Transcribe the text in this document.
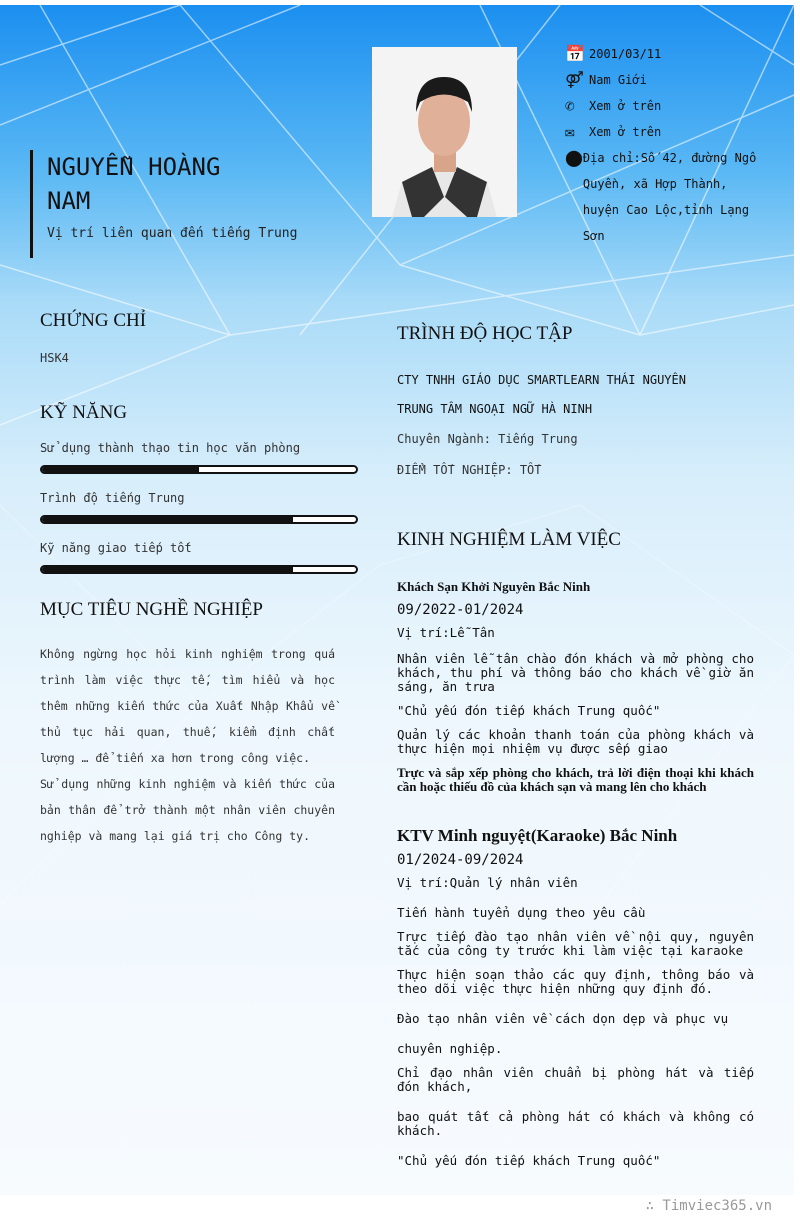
NGUYỄN HOÀNG NAM
Vị trí liên quan đến tiếng Trung
📅 2001/03/11
⚤ Nam Giới
✆	Xem ở trên
✉	Xem ở trên
⬤ Địa chỉ:Số 42, đường Ngô Quyền, xã Hợp Thành, huyện Cao Lộc,tỉnh Lạng Sơn
CHỨNG CHỈ
HSK4
KỸ NĂNG
Sử dụng thành thạo tin học văn phòng
Trình độ tiếng Trung
Kỹ năng giao tiếp tốt
MỤC TIÊU NGHỀ NGHIỆP
Không ngừng học hỏi kinh nghiệm trong quá trình làm việc thực tế, tìm hiểu và học thêm những kiến thức của Xuất Nhập Khẩu về thủ tục hải quan, thuế, kiểm định chất lượng … để tiến xa hơn trong công việc.
Sử dụng những kinh nghiệm và kiến thức của bản thân để trở thành một nhân viên chuyên nghiệp và mang lại giá trị cho Công ty.
TRÌNH ĐỘ HỌC TẬP
CTY TNHH GIÁO DỤC SMARTLEARN THÁI NGUYÊN
TRUNG TÂM NGOẠI NGỮ HÀ NINH
Chuyên Ngành: Tiếng Trung
ĐIỂM TỐT NGHIỆP: TỐT
KINH NGHIỆM LÀM VIỆC
Khách Sạn Khởi Nguyên Bắc Ninh
09/2022-01/2024
Vị trí:Lễ Tân
Nhân viên lễ tân chào đón khách và mở phòng cho khách, thu phí và thông báo cho khách về giờ ăn sáng, ăn trưa
"Chủ yếu đón tiếp khách Trung quốc"
Quản lý các khoản thanh toán của phòng khách và thực hiện mọi nhiệm vụ được sếp giao
Trực và sắp xếp phòng cho khách, trả lời điện thoại khi khách cần hoặc thiếu đồ của khách sạn và mang lên cho khách
KTV Minh nguyệt(Karaoke) Bắc Ninh
01/2024-09/2024
Vị trí:Quản lý nhân viên
Tiến hành tuyển dụng theo yêu cầu
Trực tiếp đào tạo nhân viên về nội quy, nguyên tắc của công ty trước khi làm việc tại karaoke
Thực hiện soạn thảo các quy định, thông báo và theo dõi việc thực hiện những quy định đó.
Đào tạo nhân viên về cách dọn dẹp và phục vụ
chuyên nghiệp.
Chỉ đạo nhân viên chuẩn bị phòng hát và tiếp đón khách,
bao quát tất cả phòng hát có khách và không có khách.
"Chủ yếu đón tiếp khách Trung quốc"
∴ Timviec365.vn
